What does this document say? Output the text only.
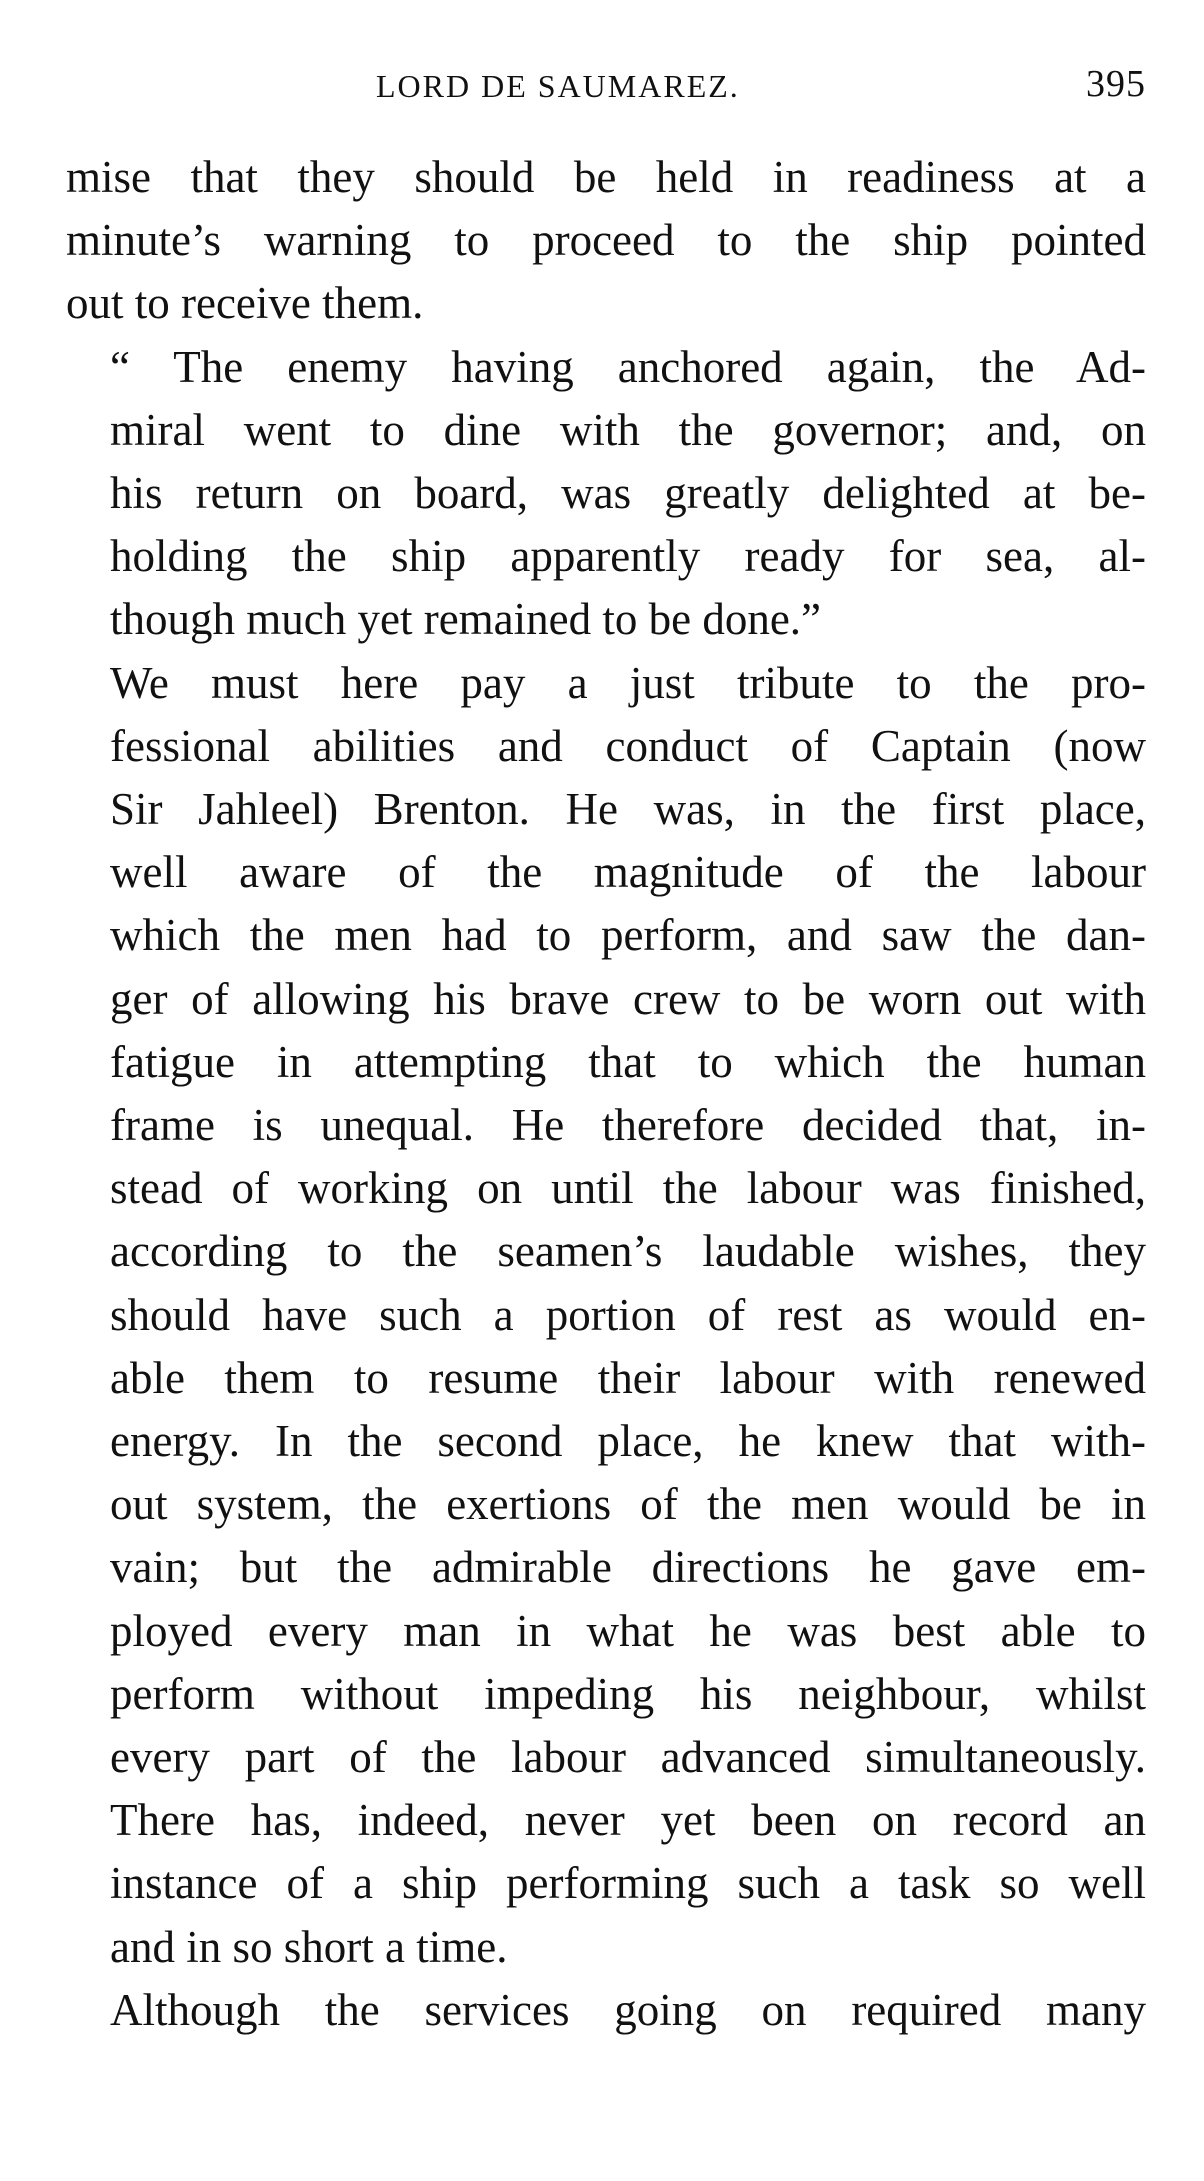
LORD DE SAUMAREZ.	395

mise that they should be held in readiness at a
minute’s warning to proceed to the ship pointed
out to receive them.

“ The enemy having anchored again, the Ad-
miral went to dine with the governor; and, on
his return on board, was greatly delighted at be-
holding the ship apparently ready for sea, al-
though much yet remained to be done.”

We must here pay a just tribute to the pro-
fessional abilities and conduct of Captain (now
Sir Jahleel) Brenton. He was, in the first place,
well aware of the magnitude of the labour
which the men had to perform, and saw the dan-
ger of allowing his brave crew to be worn out with
fatigue in attempting that to which the human
frame is unequal. He therefore decided that, in-
stead of working on until the labour was finished,
according to the seamen’s laudable wishes, they
should have such a portion of rest as would en-
able them to resume their labour with renewed
energy. In the second place, he knew that with-
out system, the exertions of the men would be in
vain; but the admirable directions he gave em-
ployed every man in what he was best able to
perform without impeding his neighbour, whilst
every part of the labour advanced simultaneously.
There has, indeed, never yet been on record an
instance of a ship performing such a task so well
and in so short a time.

Although the services going on required many
